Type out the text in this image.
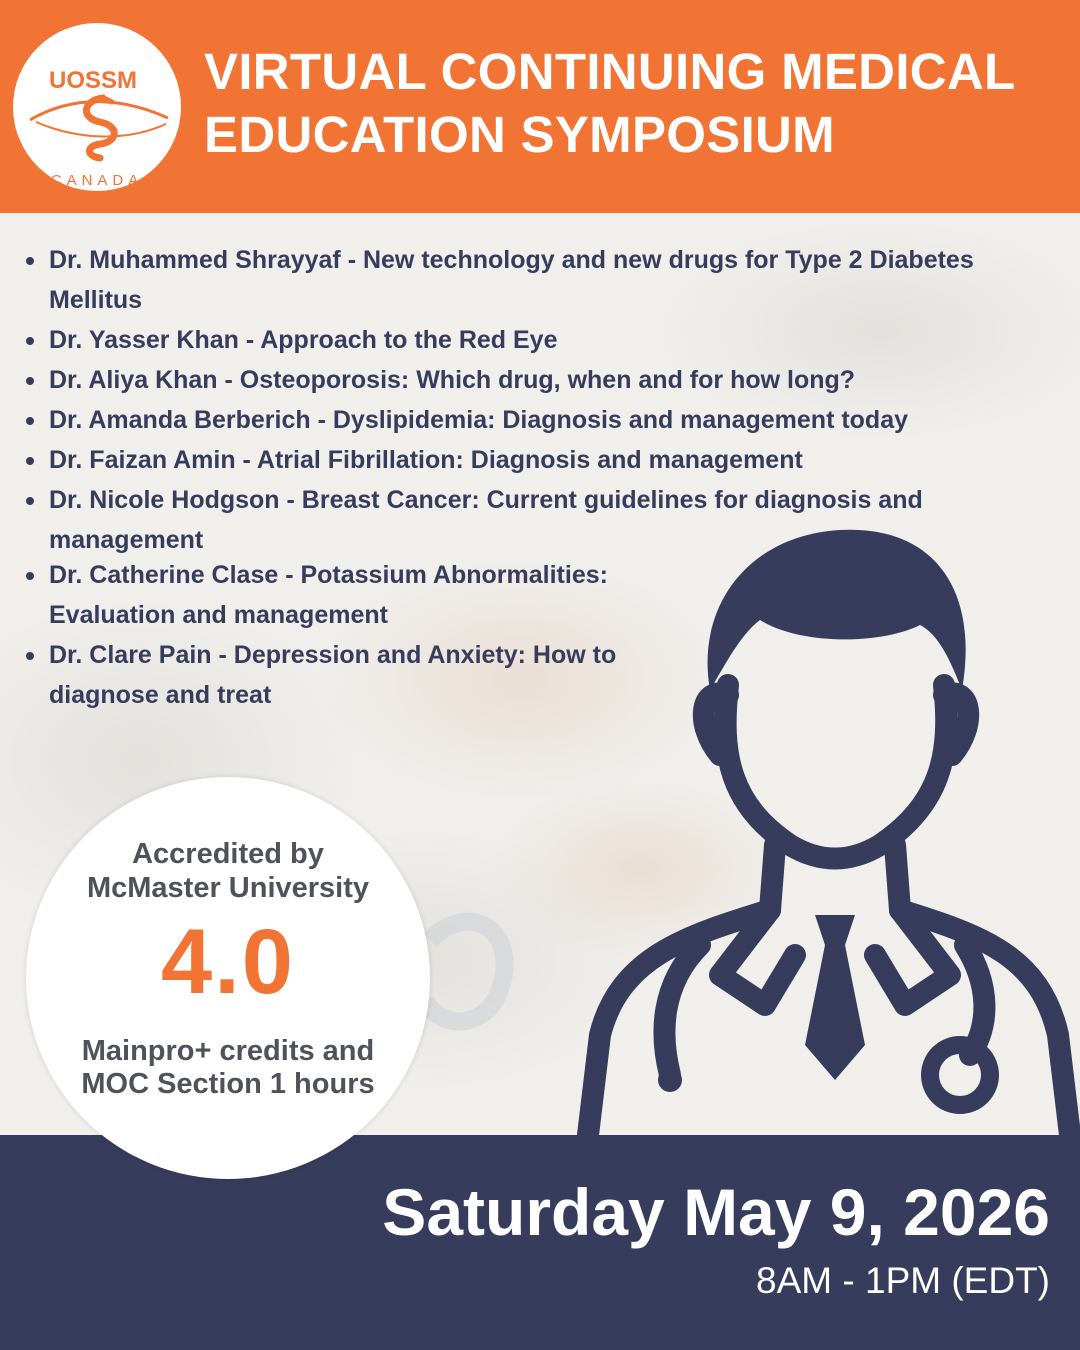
UOSSM
CANADA
VIRTUAL CONTINUING MEDICAL
EDUCATION SYMPOSIUM
Dr. Muhammed Shrayyaf - New technology and new drugs for Type 2 Diabetes Mellitus
Dr. Yasser Khan - Approach to the Red Eye
Dr. Aliya Khan - Osteoporosis: Which drug, when and for how long?
Dr. Amanda Berberich - Dyslipidemia: Diagnosis and management today
Dr. Faizan Amin - Atrial Fibrillation: Diagnosis and management
Dr. Nicole Hodgson - Breast Cancer: Current guidelines for diagnosis and management
Dr. Catherine Clase - Potassium Abnormalities: Evaluation and management
Dr. Clare Pain - Depression and Anxiety: How to diagnose and treat
Accredited by
McMaster University
4.0
Mainpro+ credits and
MOC Section 1 hours
Saturday May 9, 2026
8AM - 1PM (EDT)
